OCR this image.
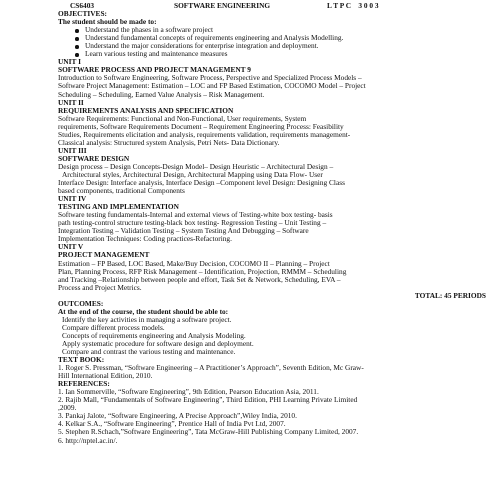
CS6403	SOFTWARE ENGINEERING	L T P C    3 0 0 3
OBJECTIVES:
The student should be made to:
Understand the phases in a software project
Understand fundamental concepts of requirements engineering and Analysis Modelling.
Understand the major considerations for enterprise integration and deployment.
Learn various testing and maintenance measures
UNIT I
SOFTWARE PROCESS AND PROJECT MANAGEMENT 9
Introduction to Software Engineering, Software Process, Perspective and Specialized Process Models –
Software Project Management: Estimation – LOC and FP Based Estimation, COCOMO Model – Project
Scheduling – Scheduling, Earned Value Analysis – Risk Management.
UNIT II
REQUIREMENTS ANALYSIS AND SPECIFICATION
Software Requirements: Functional and Non-Functional, User requirements, System
requirements, Software Requirements Document – Requirement Engineering Process: Feasibility
Studies, Requirements elicitation and analysis, requirements validation, requirements management-
Classical analysis: Structured system Analysis, Petri Nets- Data Dictionary.
UNIT III
SOFTWARE DESIGN
Design process – Design Concepts-Design Model– Design Heuristic – Architectural Design –
Architectural styles, Architectural Design, Architectural Mapping using Data Flow- User
Interface Design: Interface analysis, Interface Design –Component level Design: Designing Class
based components, traditional Components
UNIT IV
TESTING AND IMPLEMENTATION
Software testing fundamentals-Internal and external views of Testing-white box testing- basis
path testing-control structure testing-black box testing- Regression Testing – Unit Testing –
Integration Testing – Validation Testing – System Testing And Debugging – Software
Implementation Techniques: Coding practices-Refactoring.
UNIT V
PROJECT MANAGEMENT
Estimation – FP Based, LOC Based, Make/Buy Decision, COCOMO II – Planning – Project
Plan, Planning Process, RFP Risk Management – Identification, Projection, RMMM – Scheduling
and Tracking –Relationship between people and effort, Task Set & Network, Scheduling, EVA –
Process and Project Metrics.
TOTAL: 45 PERIODS
OUTCOMES:
At the end of the course, the student should be able to:
Identify the key activities in managing a software project.
Compare different process models.
Concepts of requirements engineering and Analysis Modeling.
Apply systematic procedure for software design and deployment.
Compare and contrast the various testing and maintenance.
TEXT BOOK:
1. Roger S. Pressman, “Software Engineering – A Practitioner’s Approach”, Seventh Edition, Mc Graw-
Hill International Edition, 2010.
REFERENCES:
1. Ian Sommerville, “Software Engineering”, 9th Edition, Pearson Education Asia, 2011.
2. Rajib Mall, “Fundamentals of Software Engineering”, Third Edition, PHI Learning Private Limited
,2009.
3. Pankaj Jalote, “Software Engineering, A Precise Approach”,Wiley India, 2010.
4. Kelkar S.A., “Software Engineering”, Prentice Hall of India Pvt Ltd, 2007.
5. Stephen R.Schach,”Software Engineering”, Tata McGraw-Hill Publishing Company Limited, 2007.
6. http://nptel.ac.in/.
